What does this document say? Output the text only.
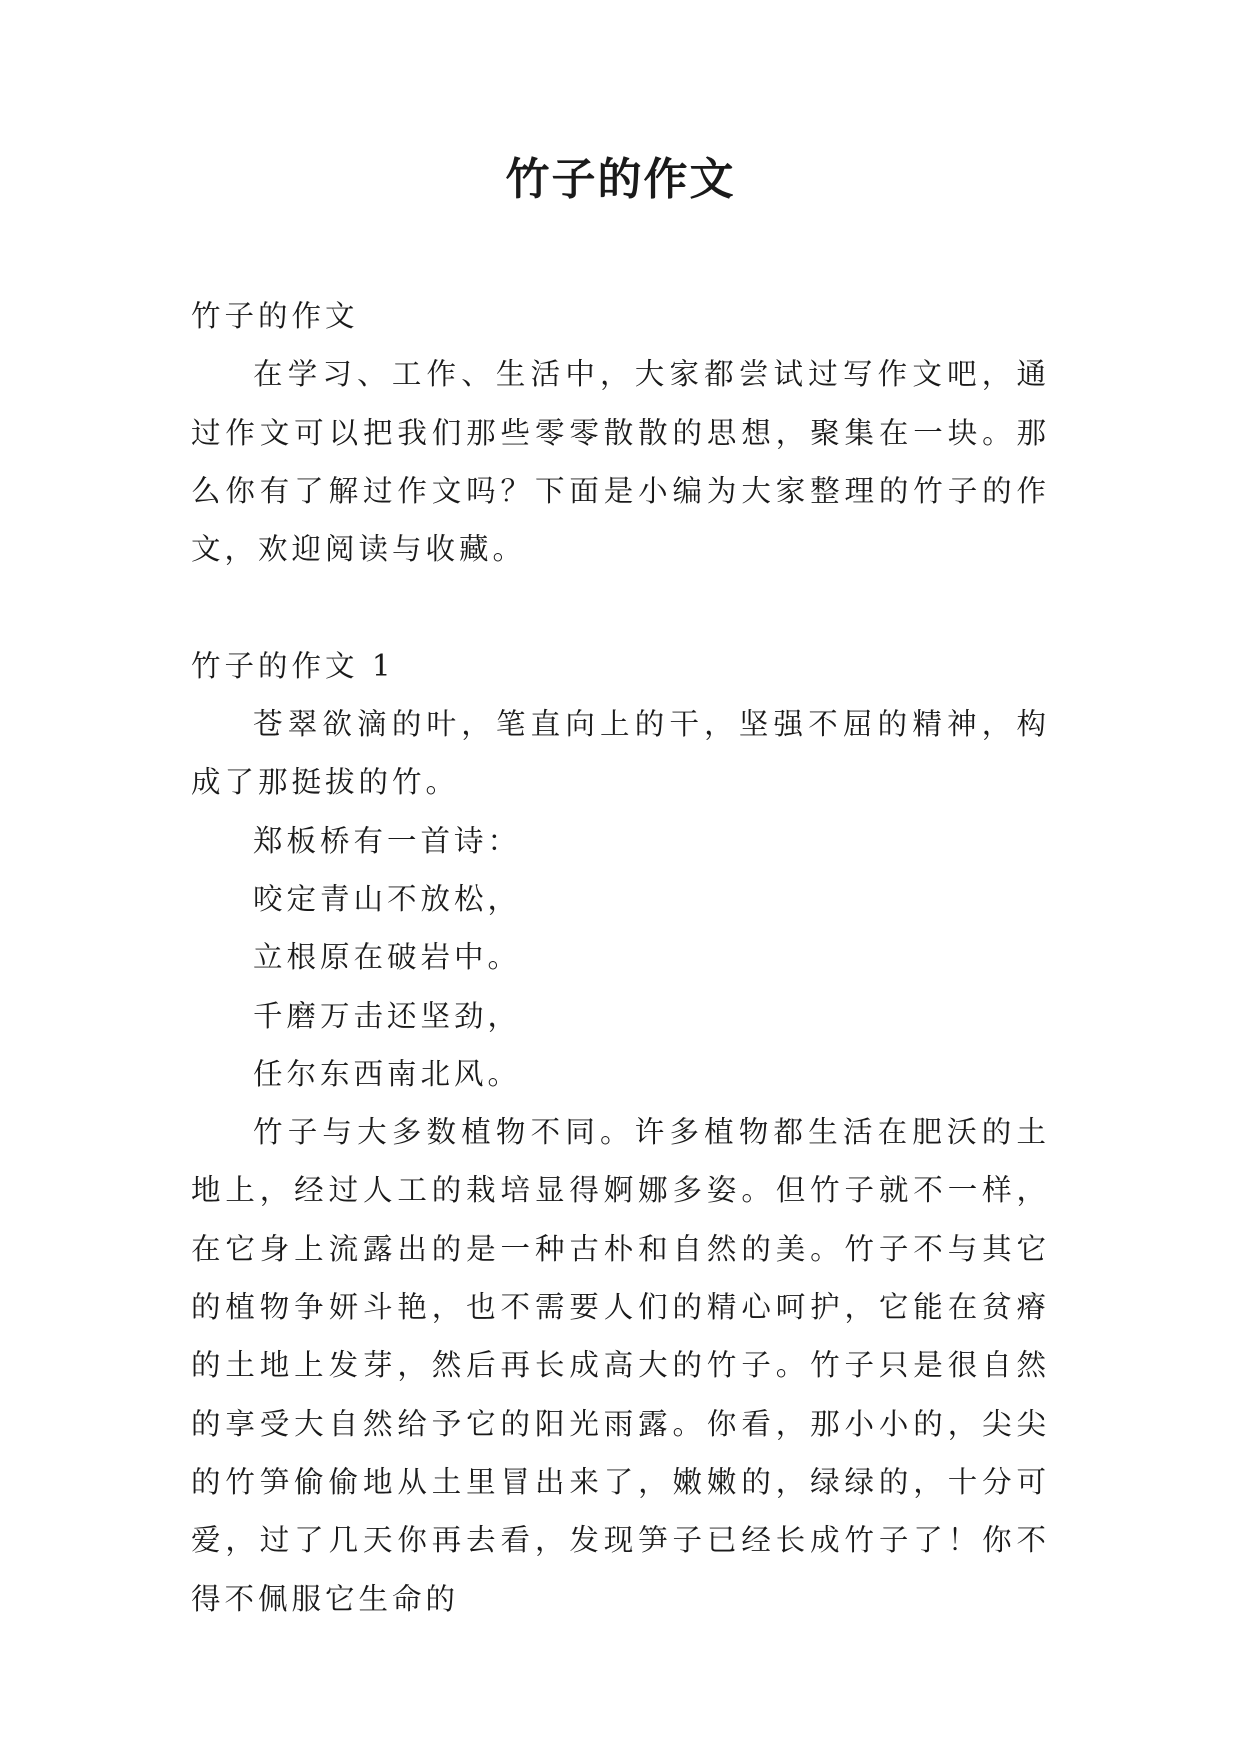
竹子的作文

竹子的作文

在学习、工作、生活中，大家都尝试过写作文吧，通过作文可以把我们那些零零散散的思想，聚集在一块。那么你有了解过作文吗？下面是小编为大家整理的竹子的作文，欢迎阅读与收藏。

竹子的作文 1

苍翠欲滴的叶，笔直向上的干，坚强不屈的精神，构成了那挺拔的竹。

郑板桥有一首诗：

咬定青山不放松，

立根原在破岩中。

千磨万击还坚劲，

任尔东西南北风。

竹子与大多数植物不同。许多植物都生活在肥沃的土地上，经过人工的栽培显得婀娜多姿。但竹子就不一样，在它身上流露出的是一种古朴和自然的美。竹子不与其它的植物争妍斗艳，也不需要人们的精心呵护，它能在贫瘠的土地上发芽，然后再长成高大的竹子。竹子只是很自然的享受大自然给予它的阳光雨露。你看，那小小的，尖尖的竹笋偷偷地从土里冒出来了，嫩嫩的，绿绿的，十分可爱，过了几天你再去看，发现笋子已经长成竹子了！你不得不佩服它生命的
